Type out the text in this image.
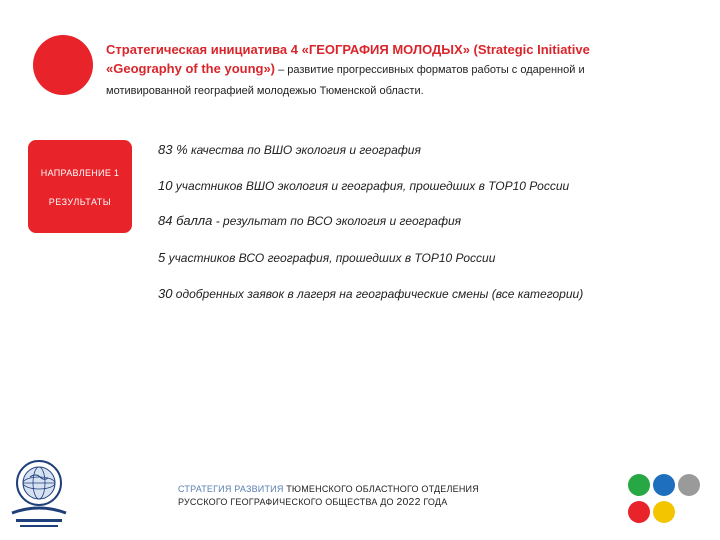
Стратегическая инициатива 4 «ГЕОГРАФИЯ МОЛОДЫХ» (Strategic Initiative «Geography of the young») – развитие прогрессивных форматов работы с одаренной и мотивированной географией молодежью Тюменской области.
НАПРАВЛЕНИЕ 1
РЕЗУЛЬТАТЫ
83 % качества по ВШО экология и география
10 участников ВШО экология и география, прошедших в ТОР10 России
84 балла - результат по ВСО экология и география
5 участников ВСО география, прошедших в ТОР10 России
30 одобренных заявок в лагеря на географические смены (все категории)
СТРАТЕГИЯ РАЗВИТИЯ ТЮМЕНСКОГО ОБЛАСТНОГО ОТДЕЛЕНИЯ
РУССКОГО ГЕОГРАФИЧЕСКОГО ОБЩЕСТВА ДО 2022 ГОДА
